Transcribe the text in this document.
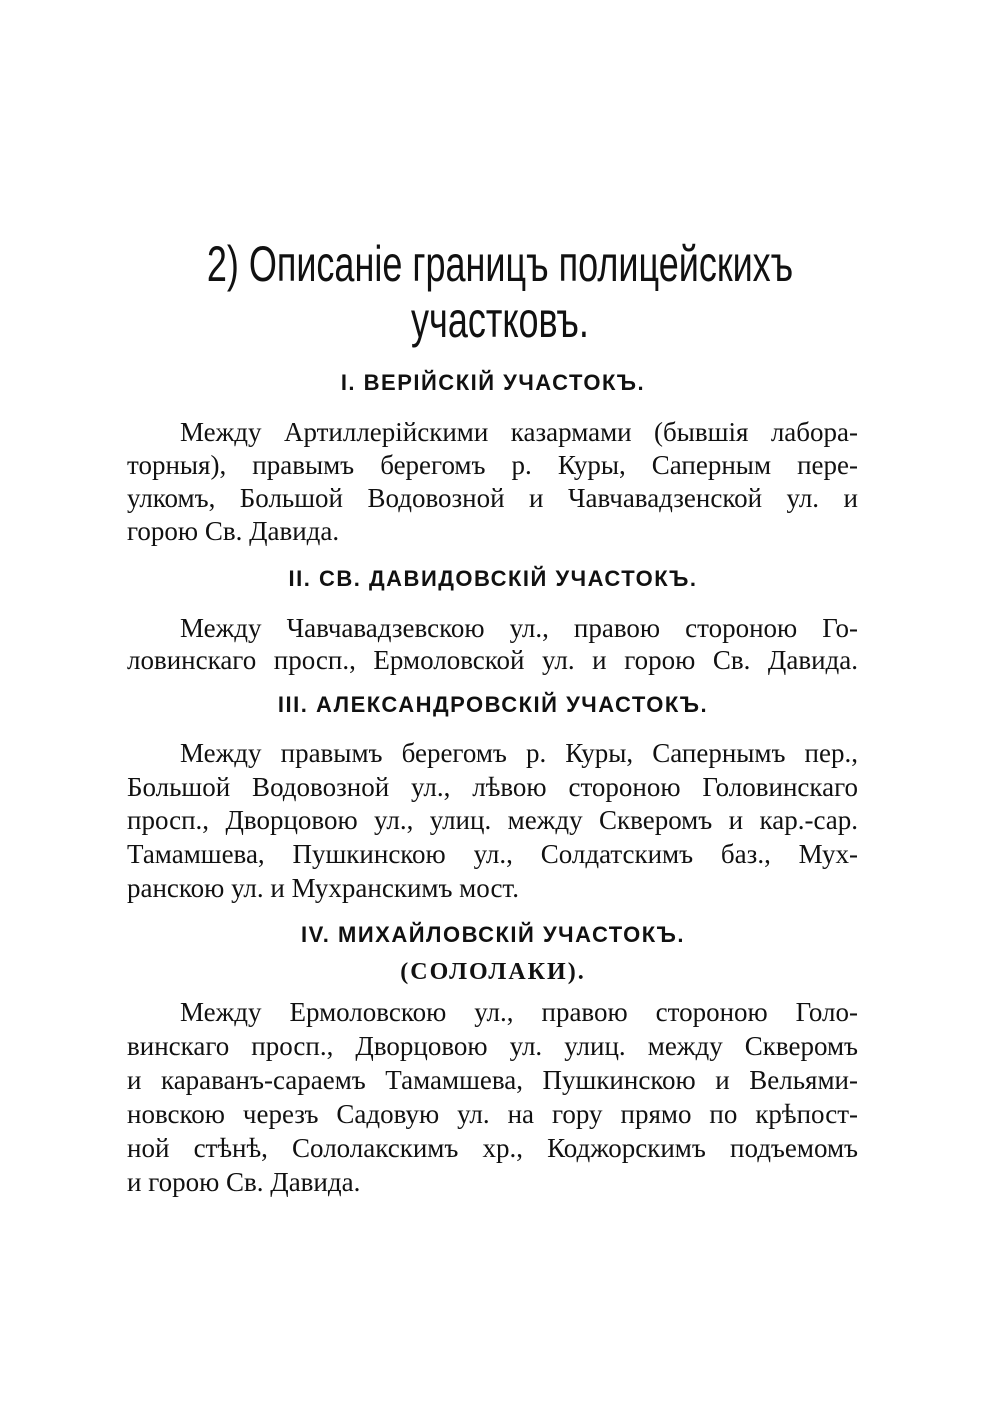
2) Описаніе границъ полицейскихъ
участковъ.
I. ВЕРІЙСКІЙ УЧАСТОКЪ.
Между Артиллерійскими казармами (бывшія лабора-
торныя), правымъ берегомъ р. Куры, Саперным пере-
улкомъ, Большой Водовозной и Чавчавадзенской ул. и
горою Св. Давида.
II. СВ. ДАВИДОВСКІЙ УЧАСТОКЪ.
Между Чавчавадзевскою ул., правою стороною Го-
ловинскаго просп., Ермоловской ул. и горою Св. Давида.
III. АЛЕКСАНДРОВСКІЙ УЧАСТОКЪ.
Между правымъ берегомъ р. Куры, Сапернымъ пер.,
Большой Водовозной ул., лѣвою стороною Головинскаго
просп., Дворцовою ул., улиц. между Скверомъ и кар.-сар.
Тамамшева, Пушкинскою ул., Солдатскимъ баз., Мух-
ранскою ул. и Мухранскимъ мост.
IV. МИХАЙЛОВСКІЙ УЧАСТОКЪ.
(СОЛОЛАКИ).
Между Ермоловскою ул., правою стороною Голо-
винскаго просп., Дворцовою ул. улиц. между Скверомъ
и караванъ-сараемъ Тамамшева, Пушкинскою и Вельями-
новскою черезъ Садовую ул. на гору прямо по крѣпост-
ной стѣнѣ, Сололакскимъ хр., Коджорскимъ подъемомъ
и горою Св. Давида.
